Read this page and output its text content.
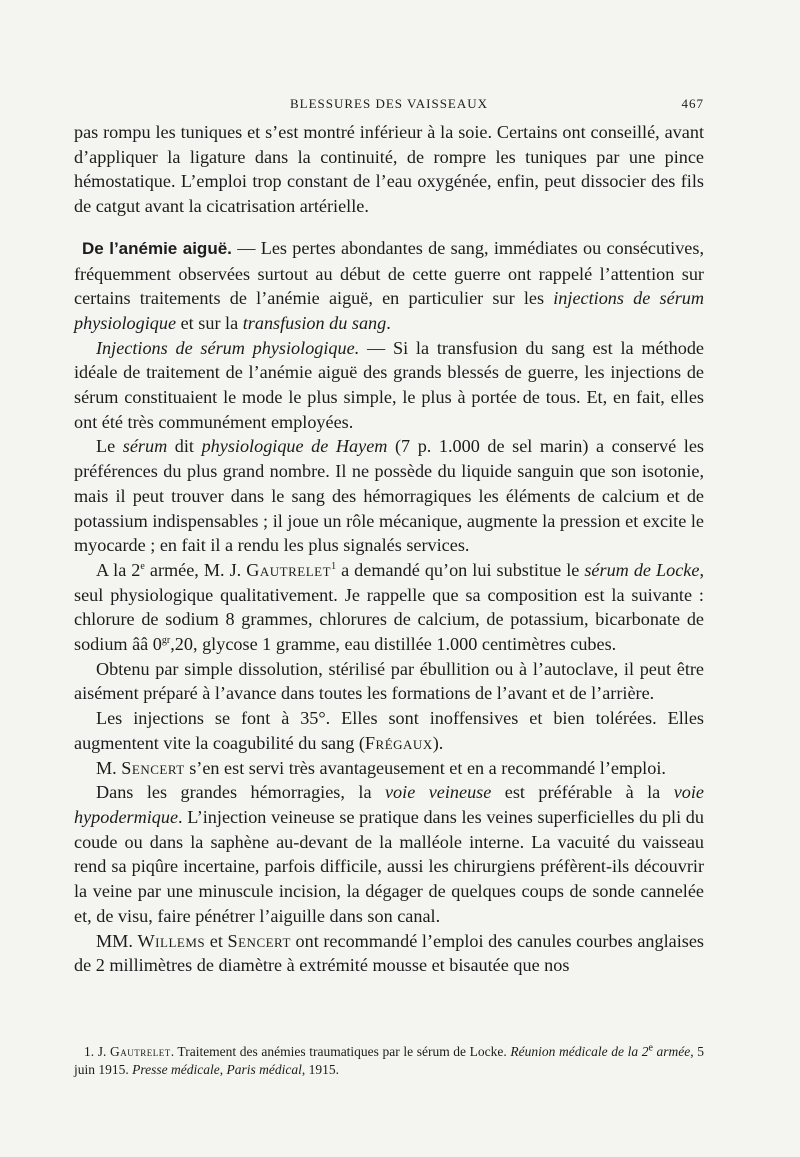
BLESSURES DES VAISSEAUX	467

pas rompu les tuniques et s’est montré inférieur à la soie. Certains ont conseillé, avant d’appliquer la ligature dans la continuité, de rompre les tuniques par une pince hémostatique. L’emploi trop constant de l’eau oxygénée, enfin, peut dissocier des fils de catgut avant la cicatrisation artérielle.

De l’anémie aiguë. — Les pertes abondantes de sang, immédiates ou consécutives, fréquemment observées surtout au début de cette guerre ont rappelé l’attention sur certains traitements de l’anémie aiguë, en particulier sur les injections de sérum physiologique et sur la transfusion du sang.

Injections de sérum physiologique. — Si la transfusion du sang est la méthode idéale de traitement de l’anémie aiguë des grands blessés de guerre, les injections de sérum constituaient le mode le plus simple, le plus à portée de tous. Et, en fait, elles ont été très communément employées.

Le sérum dit physiologique de Hayem (7 p. 1.000 de sel marin) a conservé les préférences du plus grand nombre. Il ne possède du liquide sanguin que son isotonie, mais il peut trouver dans le sang des hémorragiques les éléments de calcium et de potassium indispensables ; il joue un rôle mécanique, augmente la pression et excite le myocarde ; en fait il a rendu les plus signalés services.

A la 2e armée, M. J. Gautrelet$^1$ a demandé qu’on lui substitue le sérum de Locke, seul physiologique qualitativement. Je rappelle que sa composition est la suivante : chlorure de sodium 8 grammes, chlorures de calcium, de potassium, bicarbonate de sodium ââ $0^{gr},20$, glycose 1 gramme, eau distillée 1.000 centimètres cubes.

Obtenu par simple dissolution, stérilisé par ébullition ou à l’autoclave, il peut être aisément préparé à l’avance dans toutes les formations de l’avant et de l’arrière.

Les injections se font à 35°. Elles sont inoffensives et bien tolérées. Elles augmentent vite la coagubilité du sang (Frégaux).

M. Sencert s’en est servi très avantageusement et en a recommandé l’emploi.

Dans les grandes hémorragies, la voie veineuse est préférable à la voie hypodermique. L’injection veineuse se pratique dans les veines superficielles du pli du coude ou dans la saphène au-devant de la malléole interne. La vacuité du vaisseau rend sa piqûre incertaine, parfois difficile, aussi les chirurgiens préfèrent-ils découvrir la veine par une minuscule incision, la dégager de quelques coups de sonde cannelée et, de visu, faire pénétrer l’aiguille dans son canal.

MM. Willems et Sencert ont recommandé l’emploi des canules courbes anglaises de 2 millimètres de diamètre à extrémité mousse et bisautée que nos

1. J. Gautrelet. Traitement des anémies traumatiques par le sérum de Locke. Réunion médicale de la 2e armée, 5 juin 1915. Presse médicale, Paris médical, 1915.
